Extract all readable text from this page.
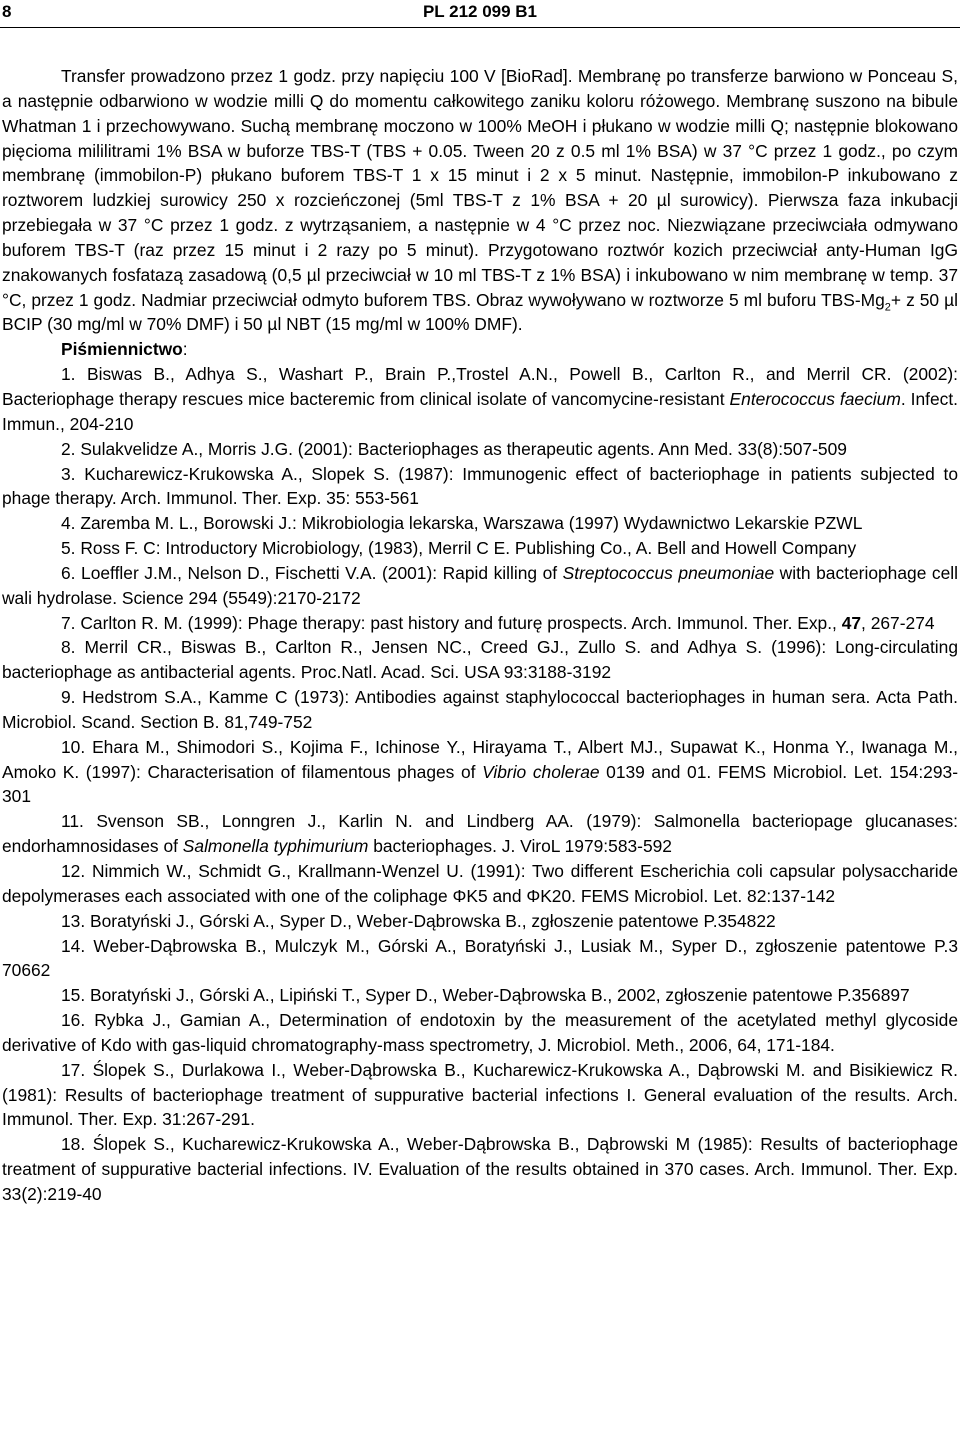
8	PL 212 099 B1

Transfer prowadzono przez 1 godz. przy napięciu 100 V [BioRad]. Membranę po transferze barwiono w Ponceau S, a następnie odbarwiono w wodzie milli Q do momentu całkowitego zaniku koloru różowego. Membranę suszono na bibule Whatman 1 i przechowywano. Suchą membranę moczono w 100% MeOH i płukano w wodzie milli Q; następnie blokowano pięcioma mililitrami 1% BSA w buforze TBS-T (TBS + 0.05. Tween 20 z 0.5 ml 1% BSA) w 37 °C przez 1 godz., po czym membranę (immobilon-P) płukano buforem TBS-T 1 x 15 minut i 2 x 5 minut. Następnie, immobilon-P inkubowano z roztworem ludzkiej surowicy 250 x rozcieńczonej (5ml TBS-T z 1% BSA + 20 µl surowicy). Pierwsza faza inkubacji przebiegała w 37 °C przez 1 godz. z wytrząsaniem, a następnie w 4 °C przez noc. Niezwiązane przeciwciała odmywano buforem TBS-T (raz przez 15 minut i 2 razy po 5 minut). Przygotowano roztwór kozich przeciwciał anty-Human IgG znakowanych fosfatazą zasadową (0,5 µl przeciwciał w 10 ml TBS-T z 1% BSA) i inkubowano w nim membranę w temp. 37 °C, przez 1 godz. Nadmiar przeciwciał odmyto buforem TBS. Obraz wywoływano w roztworze 5 ml buforu TBS-$Mg_2+ z$ 50 µl BCIP (30 mg/ml w 70% DMF) i 50 µl NBT (15 mg/ml w 100% DMF).

Piśmiennictwo:

1. Biswas B., Adhya S., Washart P., Brain P.,Trostel A.N., Powell B., Carlton R., and Merril CR. (2002): Bacteriophage therapy rescues mice bacteremic from clinical isolate of vancomycine-resistant Enterococcus faecium. Infect. Immun., 204-210

2. Sulakvelidze A., Morris J.G. (2001): Bacteriophages as therapeutic agents. Ann Med. 33(8):507-509

3. Kucharewicz-Krukowska A., Slopek S. (1987): Immunogenic effect of bacteriophage in patients subjected to phage therapy. Arch. Immunol. Ther. Exp. 35: 553-561

4. Zaremba M. L., Borowski J.: Mikrobiologia lekarska, Warszawa (1997) Wydawnictwo Lekarskie PZWL

5. Ross F. C: Introductory Microbiology, (1983), Merril C E. Publishing Co., A. Bell and Howell Company

6. Loeffler J.M., Nelson D., Fischetti V.A. (2001): Rapid killing of Streptococcus pneumoniae with bacteriophage cell wali hydrolase. Science 294 (5549):2170-2172

7. Carlton R. M. (1999): Phage therapy: past history and futurę prospects. Arch. Immunol. Ther. Exp., 47, 267-274

8. Merril CR., Biswas B., Carlton R., Jensen NC., Creed GJ., Zullo S. and Adhya S. (1996): Long-circulating bacteriophage as antibacterial agents. Proc.Natl. Acad. Sci. USA 93:3188-3192

9. Hedstrom S.A., Kamme C (1973): Antibodies against staphylococcal bacteriophages in human sera. Acta Path. Microbiol. Scand. Section B. 81,749-752

10. Ehara M., Shimodori S., Kojima F., Ichinose Y., Hirayama T., Albert MJ., Supawat K., Honma Y., Iwanaga M., Amoko K. (1997): Characterisation of filamentous phages of Vibrio cholerae 0139 and 01. FEMS Microbiol. Let. 154:293-301

11. Svenson SB., Lonngren J., Karlin N. and Lindberg AA. (1979): Salmonella bacteriopage glucanases: endorhamnosidases of Salmonella typhimurium bacteriophages. J. ViroL 1979:583-592

12. Nimmich W., Schmidt G., Krallmann-Wenzel U. (1991): Two different Escherichia coli capsular polysaccharide depolymerases each associated with one of the coliphage ΦK5 and ΦK20. FEMS Microbiol. Let. 82:137-142

13. Boratyński J., Górski A., Syper D., Weber-Dąbrowska B., zgłoszenie patentowe P.354822

14. Weber-Dąbrowska B., Mulczyk M., Górski A., Boratyński J., Lusiak M., Syper D., zgłoszenie patentowe P.3 70662

15. Boratyński J., Górski A., Lipiński T., Syper D., Weber-Dąbrowska B., 2002, zgłoszenie patentowe P.356897

16. Rybka J., Gamian A., Determination of endotoxin by the measurement of the acetylated methyl glycoside derivative of Kdo with gas-liquid chromatography-mass spectrometry, J. Microbiol. Meth., 2006, 64, 171-184.

17. Ślopek S., Durlakowa I., Weber-Dąbrowska B., Kucharewicz-Krukowska A., Dąbrowski M. and Bisikiewicz R. (1981): Results of bacteriophage treatment of suppurative bacterial infections I. General evaluation of the results. Arch. Immunol. Ther. Exp. 31:267-291.

18. Ślopek S., Kucharewicz-Krukowska A., Weber-Dąbrowska B., Dąbrowski M (1985): Results of bacteriophage treatment of suppurative bacterial infections. IV. Evaluation of the results obtained in 370 cases. Arch. Immunol. Ther. Exp. 33(2):219-40
